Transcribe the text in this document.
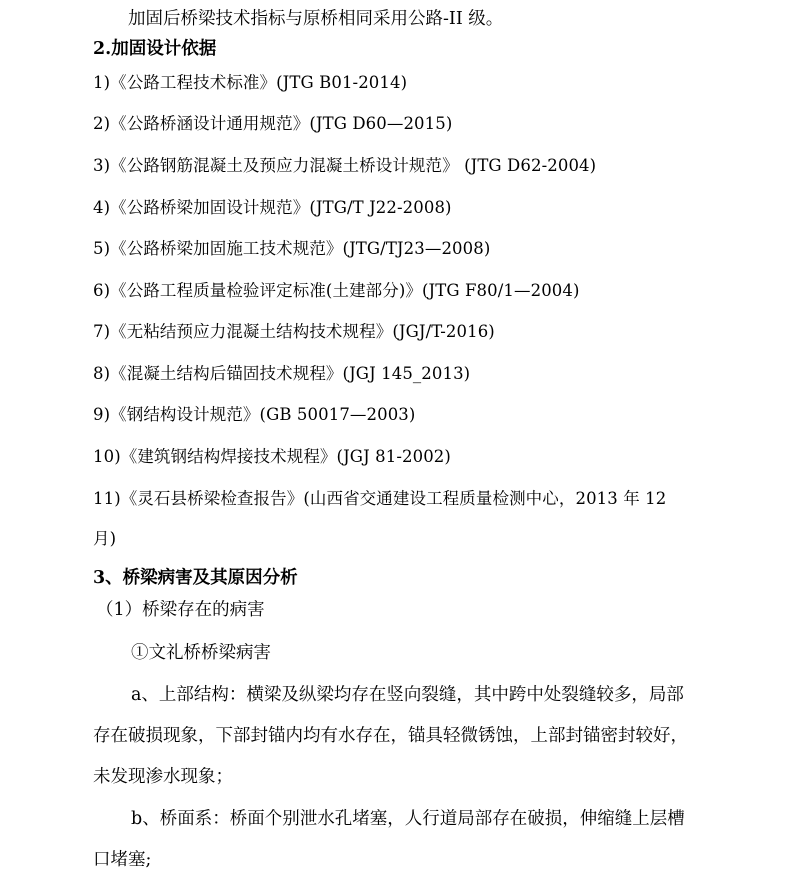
加固后桥梁技术指标与原桥相同采用公路-II 级。
2.加固设计依据
1)《公路工程技术标准》(JTG B01-2014)
2)《公路桥涵设计通用规范》(JTG D60—2015)
3)《公路钢筋混凝土及预应力混凝土桥设计规范》 (JTG D62-2004)
4)《公路桥梁加固设计规范》(JTG/T J22-2008)
5)《公路桥梁加固施工技术规范》(JTG/TJ23—2008)
6)《公路工程质量检验评定标准(土建部分)》(JTG F80/1—2004)
7)《无粘结预应力混凝土结构技术规程》(JGJ/T-2016)
8)《混凝土结构后锚固技术规程》(JGJ 145_2013)
9)《钢结构设计规范》(GB 50017—2003)
10)《建筑钢结构焊接技术规程》(JGJ 81-2002)
11)《灵石县桥梁检查报告》(山西省交通建设工程质量检测中心，2013 年 12
月)
3、桥梁病害及其原因分析
（1）桥梁存在的病害
①文礼桥桥梁病害
a、上部结构：横梁及纵梁均存在竖向裂缝，其中跨中处裂缝较多，局部
存在破损现象，下部封锚内均有水存在，锚具轻微锈蚀，上部封锚密封较好，
未发现渗水现象；
b、桥面系：桥面个别泄水孔堵塞，人行道局部存在破损，伸缩缝上层槽
口堵塞;
